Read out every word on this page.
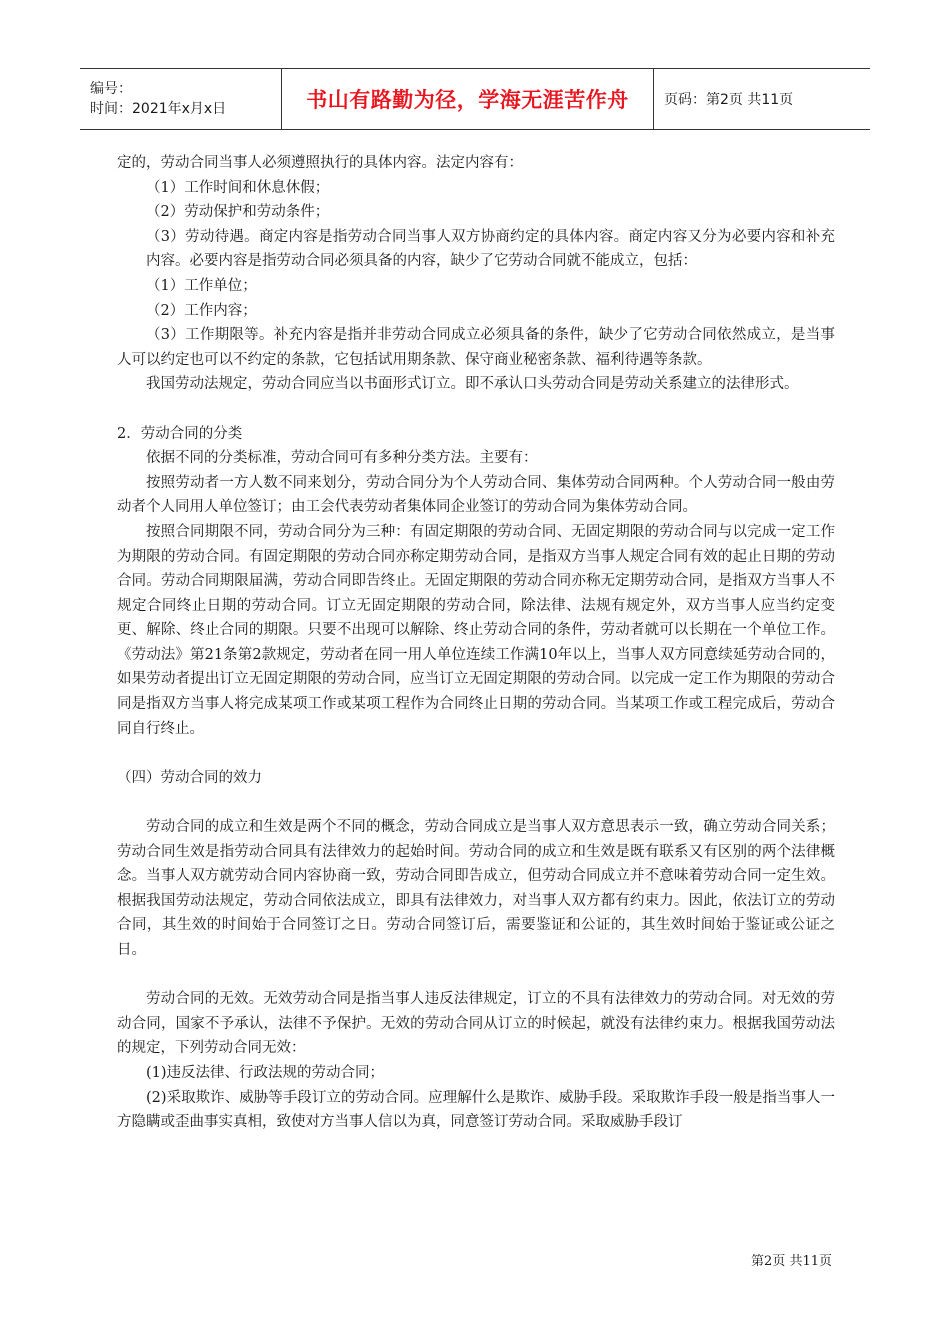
编号：
时间：2021年x月x日	书山有路勤为径，学海无涯苦作舟	页码：第2页 共11页

定的，劳动合同当事人必须遵照执行的具体内容。法定内容有：

（1）工作时间和休息休假；

（2）劳动保护和劳动条件；

（3）劳动待遇。商定内容是指劳动合同当事人双方协商约定的具体内容。商定内容又分为必要内容和补充内容。必要内容是指劳动合同必须具备的内容，缺少了它劳动合同就不能成立，包括：

（1）工作单位；

（2）工作内容；

（3）工作期限等。补充内容是指并非劳动合同成立必须具备的条件，缺少了它劳动合同依然成立，是当事人可以约定也可以不约定的条款，它包括试用期条款、保守商业秘密条款、福利待遇等条款。

我国劳动法规定，劳动合同应当以书面形式订立。即不承认口头劳动合同是劳动关系建立的法律形式。

2．劳动合同的分类

依据不同的分类标准，劳动合同可有多种分类方法。主要有：

按照劳动者一方人数不同来划分，劳动合同分为个人劳动合同、集体劳动合同两种。个人劳动合同一般由劳动者个人同用人单位签订；由工会代表劳动者集体同企业签订的劳动合同为集体劳动合同。

按照合同期限不同，劳动合同分为三种：有固定期限的劳动合同、无固定期限的劳动合同与以完成一定工作为期限的劳动合同。有固定期限的劳动合同亦称定期劳动合同，是指双方当事人规定合同有效的起止日期的劳动合同。劳动合同期限届满，劳动合同即告终止。无固定期限的劳动合同亦称无定期劳动合同，是指双方当事人不规定合同终止日期的劳动合同。订立无固定期限的劳动合同，除法律、法规有规定外，双方当事人应当约定变更、解除、终止合同的期限。只要不出现可以解除、终止劳动合同的条件，劳动者就可以长期在一个单位工作。《劳动法》第21条第2款规定，劳动者在同一用人单位连续工作满10年以上，当事人双方同意续延劳动合同的，如果劳动者提出订立无固定期限的劳动合同，应当订立无固定期限的劳动合同。以完成一定工作为期限的劳动合同是指双方当事人将完成某项工作或某项工程作为合同终止日期的劳动合同。当某项工作或工程完成后，劳动合同自行终止。

（四）劳动合同的效力

劳动合同的成立和生效是两个不同的概念，劳动合同成立是当事人双方意思表示一致，确立劳动合同关系；劳动合同生效是指劳动合同具有法律效力的起始时间。劳动合同的成立和生效是既有联系又有区别的两个法律概念。当事人双方就劳动合同内容协商一致，劳动合同即告成立，但劳动合同成立并不意味着劳动合同一定生效。根据我国劳动法规定，劳动合同依法成立，即具有法律效力，对当事人双方都有约束力。因此，依法订立的劳动合同，其生效的时间始于合同签订之日。劳动合同签订后，需要鉴证和公证的，其生效时间始于鉴证或公证之日。

劳动合同的无效。无效劳动合同是指当事人违反法律规定，订立的不具有法律效力的劳动合同。对无效的劳动合同，国家不予承认，法律不予保护。无效的劳动合同从订立的时候起，就没有法律约束力。根据我国劳动法的规定，下列劳动合同无效：

(1)违反法律、行政法规的劳动合同；

(2)采取欺诈、威胁等手段订立的劳动合同。应理解什么是欺诈、威胁手段。采取欺诈手段一般是指当事人一方隐瞒或歪曲事实真相，致使对方当事人信以为真，同意签订劳动合同。采取威胁手段订

第2页 共11页
